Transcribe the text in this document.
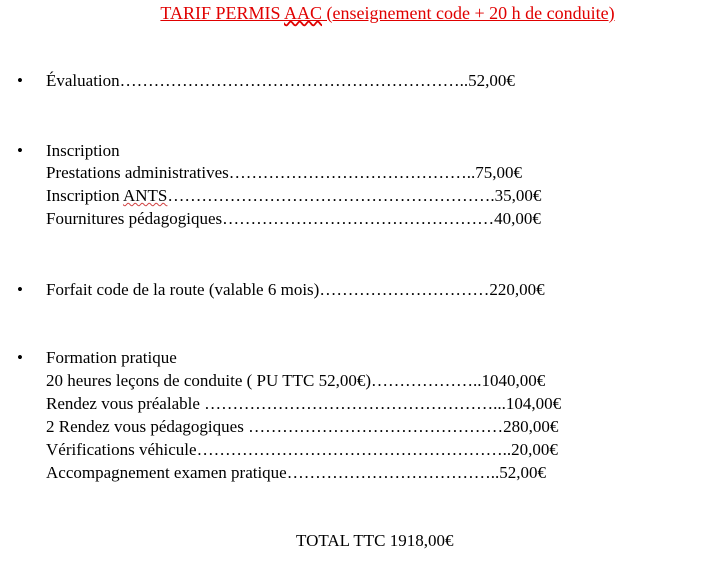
TARIF PERMIS AAC (enseignement code + 20 h de conduite)
• Évaluation……………………………………………………..52,00€
• Inscription
Prestations administratives……………………………………..75,00€
Inscription ANTS………………………………………………….35,00€
Fournitures pédagogiques…………………………………………40,00€
• Forfait code de la route (valable 6 mois)…………………………220,00€
• Formation pratique
20 heures leçons de conduite ( PU TTC 52,00€)………………..1040,00€
Rendez vous préalable ……………………………………………...104,00€
2 Rendez vous pédagogiques ………………………………………280,00€
Vérifications véhicule………………………………………………..20,00€
Accompagnement examen pratique………………………………..52,00€
TOTAL TTC 1918,00€
